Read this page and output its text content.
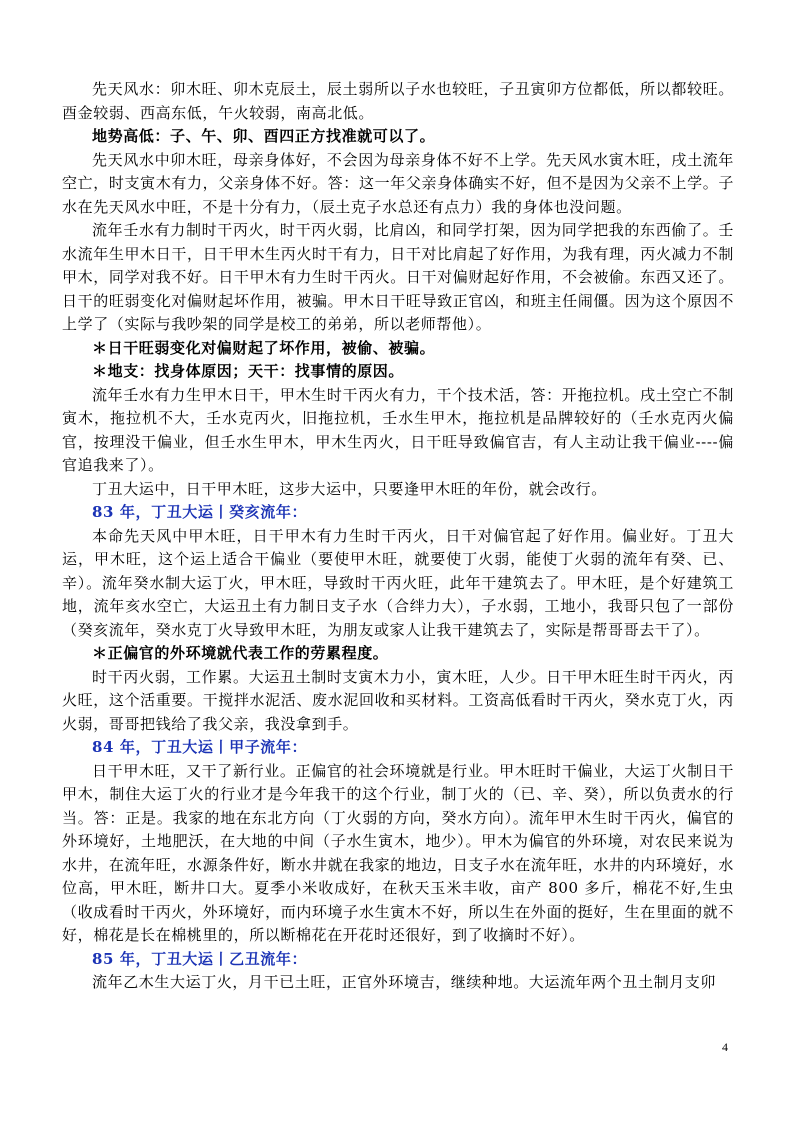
先天风水：卯木旺、卯木克辰土，辰土弱所以子水也较旺，子丑寅卯方位都低，所以都较旺。酉金较弱、西高东低，午火较弱，南高北低。

地势高低：子、午、卯、酉四正方找准就可以了。

先天风水中卯木旺，母亲身体好，不会因为母亲身体不好不上学。先天风水寅木旺，戌土流年空亡，时支寅木有力，父亲身体不好。答：这一年父亲身体确实不好，但不是因为父亲不上学。子水在先天风水中旺，不是十分有力，（辰土克子水总还有点力）我的身体也没问题。

流年壬水有力制时干丙火，时干丙火弱，比肩凶，和同学打架，因为同学把我的东西偷了。壬水流年生甲木日干，日干甲木生丙火时干有力，日干对比肩起了好作用，为我有理，丙火减力不制甲木，同学对我不好。日干甲木有力生时干丙火。日干对偏财起好作用，不会被偷。东西又还了。日干的旺弱变化对偏财起坏作用，被骗。甲木日干旺导致正官凶，和班主任闹僵。因为这个原因不上学了（实际与我吵架的同学是校工的弟弟，所以老师帮他）。

＊日干旺弱变化对偏财起了坏作用，被偷、被骗。

＊地支：找身体原因；天干：找事情的原因。

流年壬水有力生甲木日干，甲木生时干丙火有力，干个技术活，答：开拖拉机。戌土空亡不制寅木，拖拉机不大，壬水克丙火，旧拖拉机，壬水生甲木，拖拉机是品牌较好的（壬水克丙火偏官，按理没干偏业，但壬水生甲木，甲木生丙火，日干旺导致偏官吉，有人主动让我干偏业----偏官追我来了）。

丁丑大运中，日干甲木旺，这步大运中，只要逢甲木旺的年份，就会改行。

83 年，丁丑大运丨癸亥流年：

本命先天风中甲木旺，日干甲木有力生时干丙火，日干对偏官起了好作用。偏业好。丁丑大运，甲木旺，这个运上适合干偏业（要使甲木旺，就要使丁火弱，能使丁火弱的流年有癸、已、辛）。流年癸水制大运丁火，甲木旺，导致时干丙火旺，此年干建筑去了。甲木旺，是个好建筑工地，流年亥水空亡，大运丑土有力制日支子水（合绊力大），子水弱，工地小，我哥只包了一部份（癸亥流年，癸水克丁火导致甲木旺，为朋友或家人让我干建筑去了，实际是帮哥哥去干了）。

＊正偏官的外环境就代表工作的劳累程度。

时干丙火弱，工作累。大运丑土制时支寅木力小，寅木旺，人少。日干甲木旺生时干丙火，丙火旺，这个活重要。干搅拌水泥活、废水泥回收和买材料。工资高低看时干丙火，癸水克丁火，丙火弱，哥哥把钱给了我父亲，我没拿到手。

84 年，丁丑大运丨甲子流年：

日干甲木旺，又干了新行业。正偏官的社会环境就是行业。甲木旺时干偏业，大运丁火制日干甲木，制住大运丁火的行业才是今年我干的这个行业，制丁火的（已、辛、癸），所以负责水的行当。答：正是。我家的地在东北方向（丁火弱的方向，癸水方向）。流年甲木生时干丙火，偏官的外环境好，土地肥沃，在大地的中间（子水生寅木，地少）。甲木为偏官的外环境，对农民来说为水井，在流年旺，水源条件好，断水井就在我家的地边，日支子水在流年旺，水井的内环境好，水位高，甲木旺，断井口大。夏季小米收成好，在秋天玉米丰收，亩产 800 多斤，棉花不好,生虫（收成看时干丙火，外环境好，而内环境子水生寅木不好，所以生在外面的挺好，生在里面的就不好，棉花是长在棉桃里的，所以断棉花在开花时还很好，到了收摘时不好）。

85 年，丁丑大运丨乙丑流年：

流年乙木生大运丁火，月干已土旺，正官外环境吉，继续种地。大运流年两个丑土制月支卯

4
